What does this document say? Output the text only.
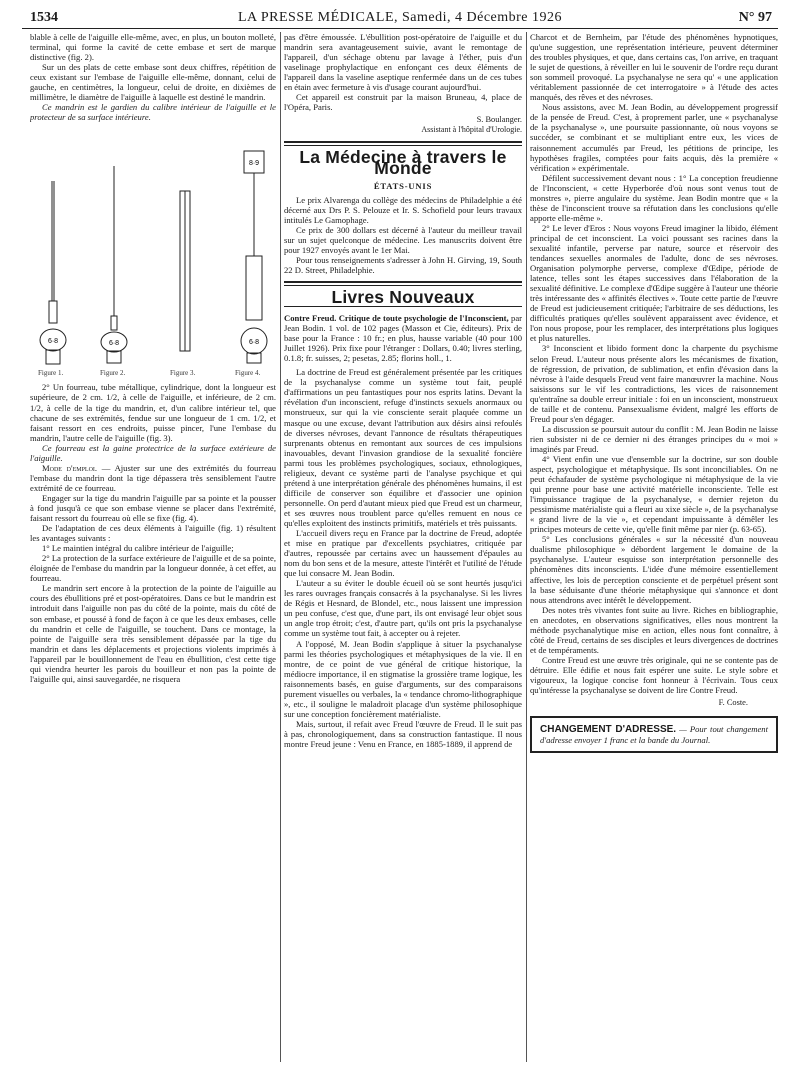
1534	LA PRESSE MÉDICALE, Samedi, 4 Décembre 1926	N° 97

blable à celle de l'aiguille elle-même, avec, en plus, un bouton molleté, terminal, qui forme la cavité de cette embase et sert de marque distinctive (fig. 2).

Sur un des plats de cette embase sont deux chiffres, répétition de ceux existant sur l'embase de l'aiguille elle-même, donnant, celui de gauche, en centimètres, la longueur, celui de droite, en dixièmes de millimètre, le diamètre de l'aiguille à laquelle est destiné le mandrin.

Ce mandrin est le gardien du calibre intérieur de l'aiguille et le protecteur de sa surface intérieure.

6·8	6·8
8·9
6·8
Figure 1.	Figure 2.	Figure 3.	Figure 4.

2° Un fourreau, tube métallique, cylindrique, dont la longueur est supérieure, de 2 cm. 1/2, à celle de l'aiguille, et inférieure, de 2 cm. 1/2, à celle de la tige du mandrin, et, d'un calibre intérieur tel, que chacune de ses extrémités, fendue sur une longueur de 1 cm. 1/2, et faisant ressort en ces endroits, puisse pincer, l'une l'embase du mandrin, l'autre celle de l'aiguille (fig. 3).

Ce fourreau est la gaine protectrice de la surface extérieure de l'aiguille.

Mode d'emploi. — Ajuster sur une des extrémités du fourreau l'embase du mandrin dont la tige dépassera très sensiblement l'autre extrémité de ce fourreau.

Engager sur la tige du mandrin l'aiguille par sa pointe et la pousser à fond jusqu'à ce que son embase vienne se placer dans l'extrémité, faisant ressort du fourreau où elle se fixe (fig. 4).

De l'adaptation de ces deux éléments à l'aiguille (fig. 1) résultent les avantages suivants :

1° Le maintien intégral du calibre intérieur de l'aiguille;

2° La protection de la surface extérieure de l'aiguille et de sa pointe, éloignée de l'embase du mandrin par la longueur donnée, à cet effet, au fourreau.

Le mandrin sert encore à la protection de la pointe de l'aiguille au cours des ébullitions pré et post-opératoires. Dans ce but le mandrin est introduit dans l'aiguille non pas du côté de la pointe, mais du côté de son embase, et poussé à fond de façon à ce que les deux embases, celle du mandrin et celle de l'aiguille, se touchent. Dans ce montage, la pointe de l'aiguille sera très sensiblement dépassée par la tige du mandrin et dans les déplacements et projections violents imprimés à l'appareil par le bouillonnement de l'eau en ébullition, c'est cette tige qui viendra heurter les parois du bouilleur et non pas la pointe de l'aiguille qui, ainsi sauvegardée, ne risquera

pas d'être émoussée. L'ébullition post-opératoire de l'aiguille et du mandrin sera avantageusement suivie, avant le remontage de l'appareil, d'un séchage obtenu par lavage à l'éther, puis d'un vaselinage prophylactique en enfonçant ces deux éléments de l'appareil dans la vaseline aseptique renfermée dans un de ces tubes en étain avec fermeture à vis d'usage courant aujourd'hui.

Cet appareil est construit par la maison Bruneau, 4, place de l'Opéra, Paris.

S. Boulanger.
Assistant à l'hôpital d'Urologie.
La Médecine à travers le Monde
ÉTATS-UNIS

Le prix Alvarenga du collège des médecins de Philadelphie a été décerné aux Drs P. S. Pelouze et Ir. S. Schofield pour leurs travaux intitulés Le Gamophage.

Ce prix de 300 dollars est décerné à l'auteur du meilleur travail sur un sujet quelconque de médecine. Les manuscrits doivent être pour 1927 envoyés avant le 1er Mai.

Pour tous renseignements s'adresser à John H. Girving, 19, South 22 D. Street, Philadelphie.

Livres Nouveaux

Contre Freud. Critique de toute psychologie de l'Inconscient, par Jean Bodin. 1 vol. de 102 pages (Masson et Cie, éditeurs). Prix de base pour la France : 10 fr.; en plus, hausse variable (40 pour 100 Juillet 1926). Prix fixe pour l'étranger : Dollars, 0.40; livres sterling, 0.1.8; fr. suisses, 2; pesetas, 2.85; florins holl., 1.

La doctrine de Freud est généralement présentée par les critiques de la psychanalyse comme un système tout fait, peuplé d'affirmations un peu fantastiques pour nos esprits latins. Devant la révélation d'un inconscient, refuge d'instincts sexuels anormaux ou monstrueux, sur qui la vie consciente serait plaquée comme un masque ou une excuse, devant l'attribution aux désirs ainsi refoulés de diverses névroses, devant l'annonce de résultats thérapeutiques surprenants obtenus en remontant aux sources de ces impulsions inavouables, devant l'invasion grandiose de la sexualité foncière parmi tous les problèmes psychologiques, sociaux, ethnologiques, religieux, devant ce système parti de l'analyse psychique et qui prétend à une interprétation générale des phénomènes humains, il est difficile de conserver son équilibre et d'associer une opinion personnelle. On perd d'autant mieux pied que Freud est un charmeur, et ses œuvres nous troublent parce qu'elles remuent en nous ce qu'elles exploitent des instincts primitifs, matériels et très puissants.

L'accueil divers reçu en France par la doctrine de Freud, adoptée et mise en pratique par d'excellents psychiatres, critiquée par d'autres, repoussée par certains avec un haussement d'épaules au nom du bon sens et de la mesure, atteste l'intérêt et l'utilité de l'étude que lui consacre M. Jean Bodin.

L'auteur a su éviter le double écueil où se sont heurtés jusqu'ici les rares ouvrages français consacrés à la psychanalyse. Si les livres de Régis et Hesnard, de Blondel, etc., nous laissent une impression un peu confuse, c'est que, d'une part, ils ont envisagé leur objet sous un angle trop étroit; c'est, d'autre part, qu'ils ont pris la psychanalyse comme un système tout fait, à accepter ou à rejeter.

A l'opposé, M. Jean Bodin s'applique à situer la psychanalyse parmi les théories psychologiques et métaphysiques de la vie. Il en montre, de ce point de vue général de critique historique, la médiocre importance, il en stigmatise la grossière trame logique, les raisonnements basés, en guise d'arguments, sur des comparaisons purement visuelles ou verbales, la « tendance chromo-lithographique », etc., il souligne le maladroit placage d'un système philosophique sur une conception foncièrement matérialiste.

Mais, surtout, il refait avec Freud l'œuvre de Freud. Il le suit pas à pas, chronologiquement, dans sa construction fantastique. Il nous montre Freud jeune : Venu en France, en 1885-1889, il apprend de

Charcot et de Bernheim, par l'étude des phénomènes hypnotiques, qu'une suggestion, une représentation intérieure, peuvent déterminer des troubles physiques, et que, dans certains cas, l'on arrive, en traquant le sujet de questions, à réveiller en lui le souvenir de l'ordre reçu durant son sommeil provoqué. La psychanalyse ne sera qu' « une application véritablement passionnée de cet interrogatoire » à l'étude des actes manqués, des rêves et des névroses.

Nous assistons, avec M. Jean Bodin, au développement progressif de la pensée de Freud. C'est, à proprement parler, une « psychanalyse de la psychanalyse », une poursuite passionnante, où nous voyons se succéder, se combinant et se multipliant entre eux, les vices de raisonnement accumulés par Freud, les pétitions de principe, les hypothèses fragiles, comptées pour faits acquis, dès la première « vérification » expérimentale.

Défilent successivement devant nous : 1° La conception freudienne de l'Inconscient, « cette Hyperborée d'où nous sont venus tout de monstres », pierre angulaire du système. Jean Bodin montre que « la thèse de l'inconscient trouve sa réfutation dans les conclusions qu'elle apporte elle-même ».

2° Le lever d'Eros : Nous voyons Freud imaginer la libido, élément principal de cet inconscient. La voici poussant ses racines dans la sexualité infantile, perverse par nature, source et réservoir des tendances sexuelles anormales de l'adulte, donc de ses névroses. Organisation polymorphe perverse, complexe d'Œdipe, période de latence, telles sont les étapes successives dans l'élaboration de la sexualité définitive. Le complexe d'Œdipe suggère à l'auteur une théorie très intéressante des « affinités électives ». Toute cette partie de l'œuvre de Freud est judicieusement critiquée; l'arbitraire de ses déductions, les difficultés pratiques qu'elles soulèvent apparaissent avec évidence, et l'on nous propose, pour les remplacer, des interprétations plus logiques et plus naturelles.

3° Inconscient et libido forment donc la charpente du psychisme selon Freud. L'auteur nous présente alors les mécanismes de fixation, de régression, de privation, de sublimation, et enfin d'évasion dans la névrose à l'aide desquels Freud vent faire manœuvrer la machine. Nous saisissons sur le vif les contradictions, les vices de raisonnement qu'entraîne sa double erreur initiale : foi en un inconscient, monstrueux de taille et de contenu. Pansexualisme évident, malgré les efforts de Freud pour s'en dégager.

La discussion se poursuit autour du conflit : M. Jean Bodin ne laisse rien subsister ni de ce dernier ni des étranges principes du « moi » imaginés par Freud.

4° Vient enfin une vue d'ensemble sur la doctrine, sur son double aspect, psychologique et métaphysique. Ils sont inconciliables. On ne peut échafauder de système psychologique ni métaphysique de la vie qui prenne pour base une activité matérielle inconsciente. Telle est l'impuissance tragique de la psychanalyse, « dernier rejeton du pessimisme matérialiste qui a fleuri au xixe siècle », de la psychanalyse « grand livre de la vie », et cependant impuissante à démêler les principes moteurs de cette vie, qu'elle finit même par nier (p. 63-65).

5° Les conclusions générales « sur la nécessité d'un nouveau dualisme philosophique » débordent largement le domaine de la psychanalyse. L'auteur esquisse son interprétation personnelle des phénomènes dits inconscients. L'idée d'une mémoire essentiellement affective, les lois de perception consciente et de perpétuel présent sont la base séduisante d'une théorie métaphysique qui s'annonce et dont nous attendrons avec intérêt le développement.

Des notes très vivantes font suite au livre. Riches en bibliographie, en anecdotes, en observations significatives, elles nous montrent la méthode psychanalytique mise en action, elles nous font connaître, à côté de Freud, certains de ses disciples et leurs divergences de doctrines et de tempéraments.

Contre Freud est une œuvre très originale, qui ne se contente pas de détruire. Elle édifie et nous fait espérer une suite. Le style sobre et vigoureux, la logique concise font honneur à l'écrivain. Tous ceux qu'intéresse la psychanalyse se doivent de lire Contre Freud.

F. Coste.
CHANGEMENT D'ADRESSE. — Pour tout changement d'adresse envoyer 1 franc et la bande du Journal.
